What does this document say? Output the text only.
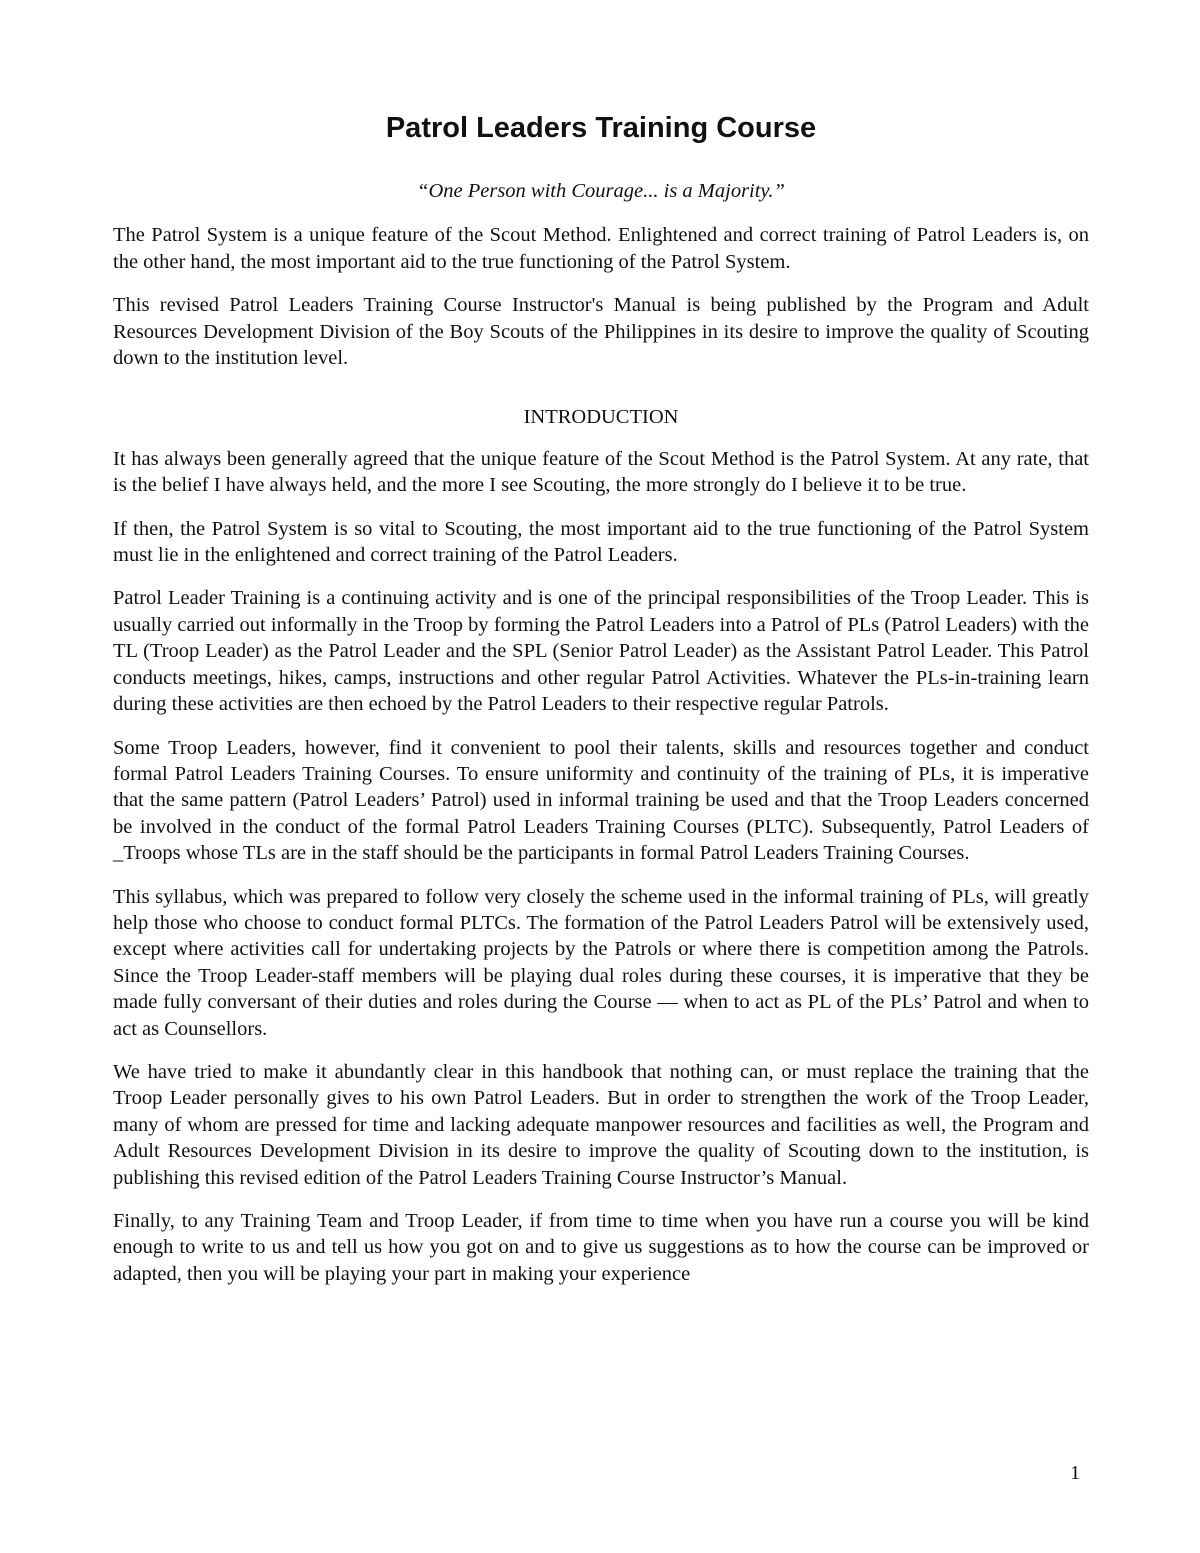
Patrol Leaders Training Course

“One Person with Courage... is a Majority.”

The Patrol System is a unique feature of the Scout Method. Enlightened and correct training of Patrol Leaders is, on the other hand, the most important aid to the true functioning of the Patrol System.

This revised Patrol Leaders Training Course Instructor's Manual is being published by the Program and Adult Resources Development Division of the Boy Scouts of the Philippines in its desire to improve the quality of Scouting down to the institution level.

INTRODUCTION

It has always been generally agreed that the unique feature of the Scout Method is the Patrol System. At any rate, that is the belief I have always held, and the more I see Scouting, the more strongly do I believe it to be true.

If then, the Patrol System is so vital to Scouting, the most important aid to the true functioning of the Patrol System must lie in the enlightened and correct training of the Patrol Leaders.

Patrol Leader Training is a continuing activity and is one of the principal responsibilities of the Troop Leader. This is usually carried out informally in the Troop by forming the Patrol Leaders into a Patrol of PLs (Patrol Leaders) with the TL (Troop Leader) as the Patrol Leader and the SPL (Senior Patrol Leader) as the Assistant Patrol Leader. This Patrol conducts meetings, hikes, camps, instructions and other regular Patrol Activities. Whatever the PLs-in-training learn during these activities are then echoed by the Patrol Leaders to their respective regular Patrols.

Some Troop Leaders, however, find it convenient to pool their talents, skills and resources together and conduct formal Patrol Leaders Training Courses. To ensure uniformity and continuity of the training of PLs, it is imperative that the same pattern (Patrol Leaders’ Patrol) used in informal training be used and that the Troop Leaders concerned be involved in the conduct of the formal Patrol Leaders Training Courses (PLTC). Subsequently, Patrol Leaders of _Troops whose TLs are in the staff should be the participants in formal Patrol Leaders Training Courses.

This syllabus, which was prepared to follow very closely the scheme used in the informal training of PLs, will greatly help those who choose to conduct formal PLTCs. The formation of the Patrol Leaders Patrol will be extensively used, except where activities call for undertaking projects by the Patrols or where there is competition among the Patrols. Since the Troop Leader-staff members will be playing dual roles during these courses, it is imperative that they be made fully conversant of their duties and roles during the Course — when to act as PL of the PLs’ Patrol and when to act as Counsellors.

We have tried to make it abundantly clear in this handbook that nothing can, or must replace the training that the Troop Leader personally gives to his own Patrol Leaders. But in order to strengthen the work of the Troop Leader, many of whom are pressed for time and lacking adequate manpower resources and facilities as well, the Program and Adult Resources Development Division in its desire to improve the quality of Scouting down to the institution, is publishing this revised edition of the Patrol Leaders Training Course Instructor’s Manual.

Finally, to any Training Team and Troop Leader, if from time to time when you have run a course you will be kind enough to write to us and tell us how you got on and to give us suggestions as to how the course can be improved or adapted, then you will be playing your part in making your experience

1
